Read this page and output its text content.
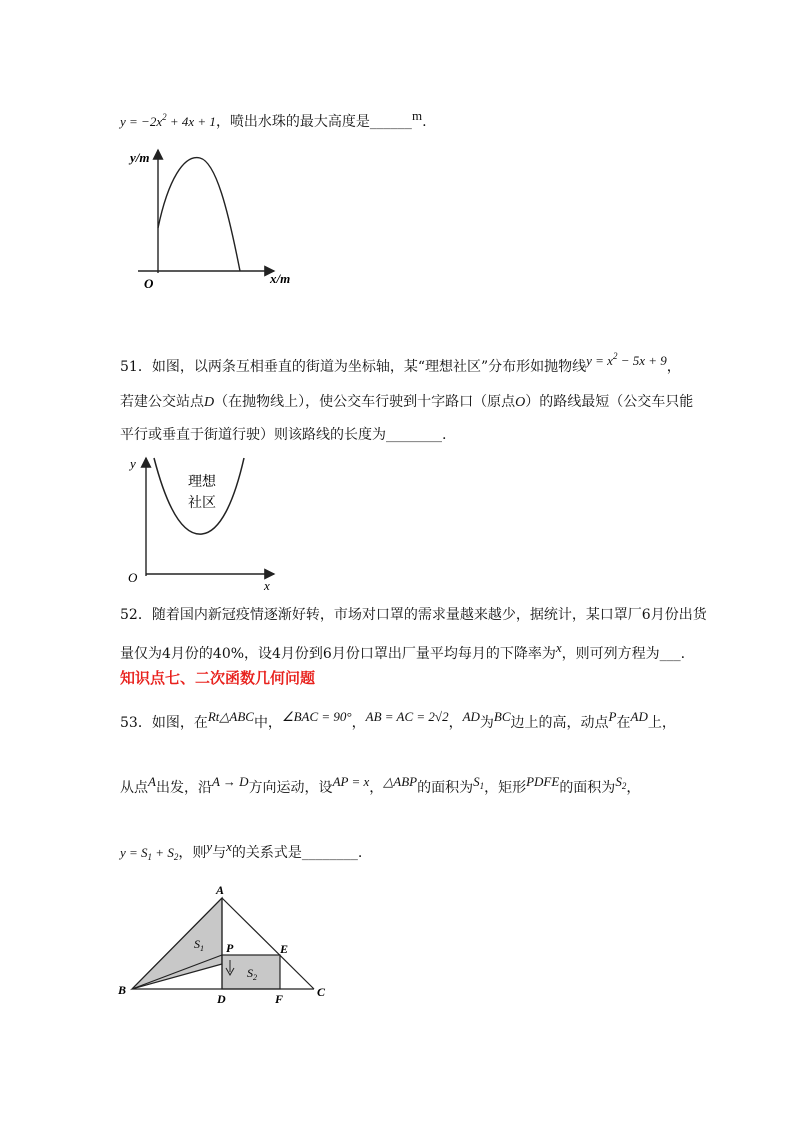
$y = -2x^2 + 4x + 1$，喷出水珠的最大高度是______m.
y/m
x/m
O
51．如图，以两条互相垂直的街道为坐标轴，某“理想社区”分布形如抛物线$y = x^2 - 5x + 9$，
若建公交站点D（在抛物线上），使公交车行驶到十字路口（原点O）的路线最短（公交车只能
平行或垂直于街道行驶）则该路线的长度为________.
y
x
O
理想
社区
52．随着国内新冠疫情逐渐好转，市场对口罩的需求量越来越少，据统计，某口罩厂6月份出货
量仅为4月份的40%，设4月份到6月份口罩出厂量平均每月的下降率为x，则可列方程为___.
知识点七、二次函数几何问题
53．如图，在Rt△ABC中，∠BAC = 90°，AB = AC = 2√2，AD为BC边上的高，动点P在AD上，
从点A出发，沿A → D方向运动，设AP = x，△ABP的面积为$S_1$，矩形PDFE的面积为$S_2$，
$y = S_1 + S_2$，则y与x的关系式是________.
A
B	C
D
E
F
P
$S_1$
$S_2$
